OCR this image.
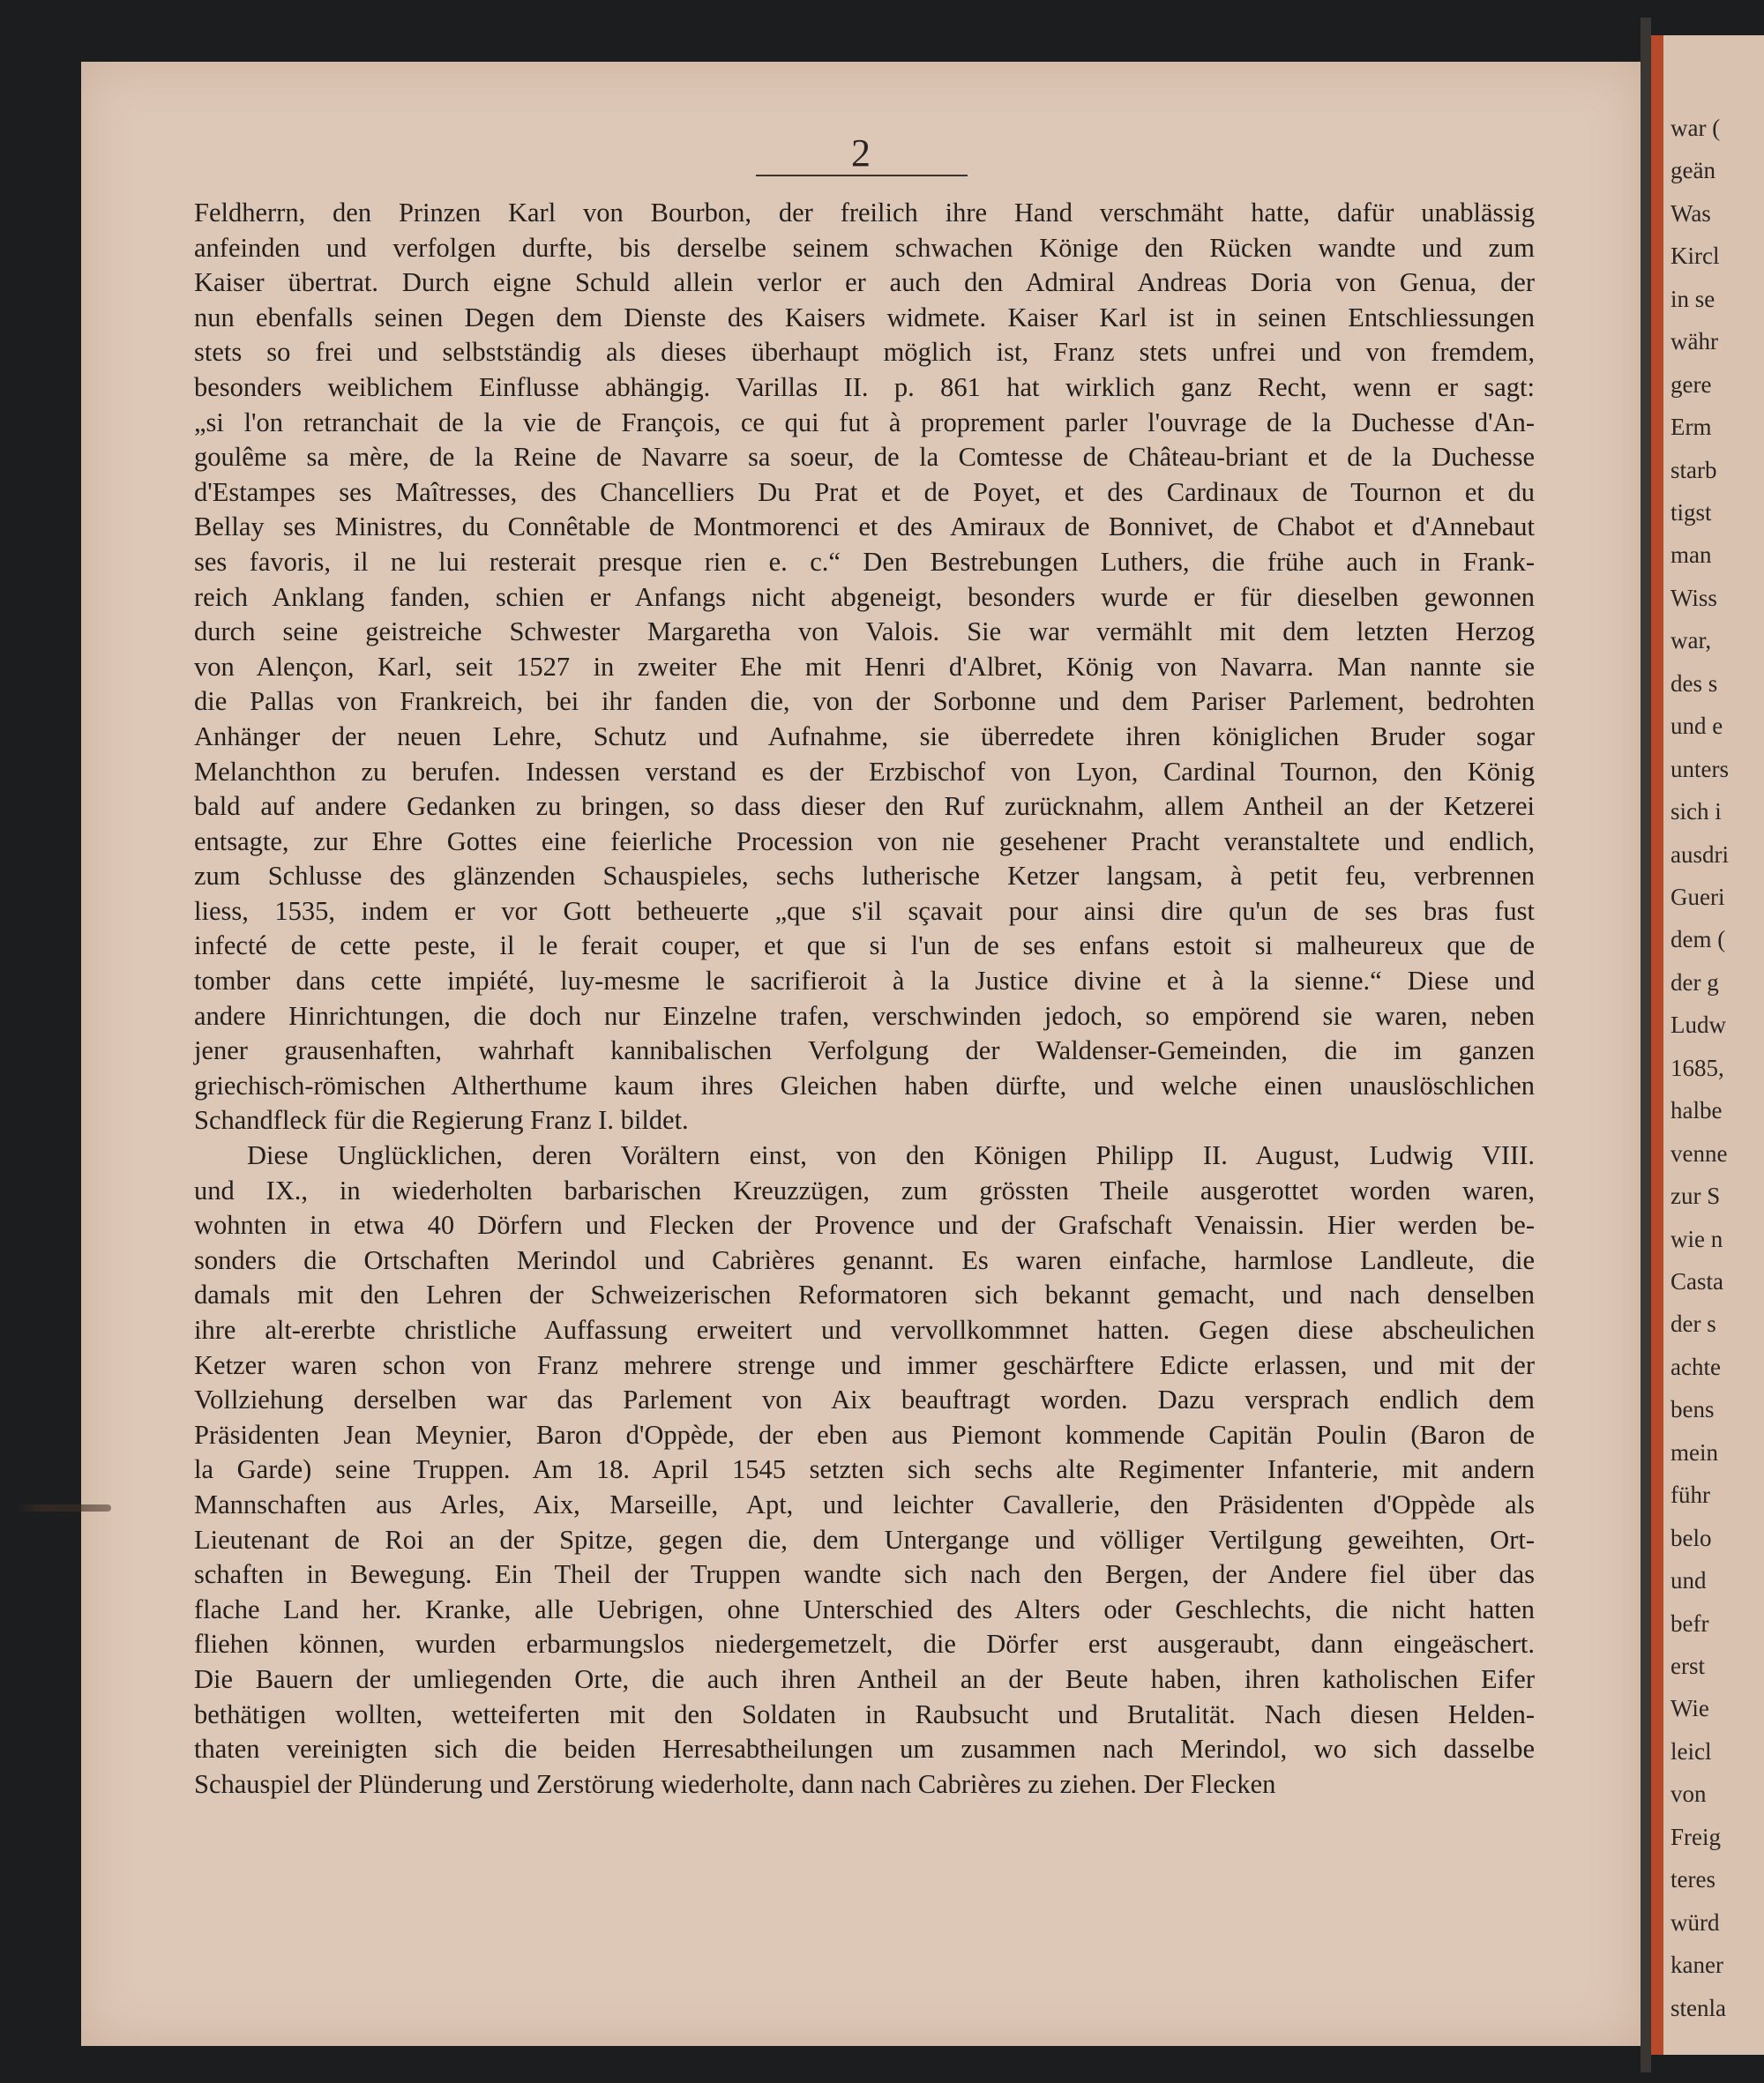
2
Feldherrn, den Prinzen Karl von Bourbon, der freilich ihre Hand verschmäht hatte, dafür unablässig
anfeinden und verfolgen durfte, bis derselbe seinem schwachen Könige den Rücken wandte und zum
Kaiser übertrat. Durch eigne Schuld allein verlor er auch den Admiral Andreas Doria von Genua, der
nun ebenfalls seinen Degen dem Dienste des Kaisers widmete. Kaiser Karl ist in seinen Entschliessungen
stets so frei und selbstständig als dieses überhaupt möglich ist, Franz stets unfrei und von fremdem,
besonders weiblichem Einflusse abhängig. Varillas II. p. 861 hat wirklich ganz Recht, wenn er sagt:
„si l'on retranchait de la vie de François, ce qui fut à proprement parler l'ouvrage de la Duchesse d'An-
goulême sa mère, de la Reine de Navarre sa soeur, de la Comtesse de Château-briant et de la Duchesse
d'Estampes ses Maîtresses, des Chancelliers Du Prat et de Poyet, et des Cardinaux de Tournon et du
Bellay ses Ministres, du Connêtable de Montmorenci et des Amiraux de Bonnivet, de Chabot et d'Annebaut
ses favoris, il ne lui resterait presque rien e. c.“ Den Bestrebungen Luthers, die frühe auch in Frank-
reich Anklang fanden, schien er Anfangs nicht abgeneigt, besonders wurde er für dieselben gewonnen
durch seine geistreiche Schwester Margaretha von Valois. Sie war vermählt mit dem letzten Herzog
von Alençon, Karl, seit 1527 in zweiter Ehe mit Henri d'Albret, König von Navarra. Man nannte sie
die Pallas von Frankreich, bei ihr fanden die, von der Sorbonne und dem Pariser Parlement, bedrohten
Anhänger der neuen Lehre, Schutz und Aufnahme, sie überredete ihren königlichen Bruder sogar
Melanchthon zu berufen. Indessen verstand es der Erzbischof von Lyon, Cardinal Tournon, den König
bald auf andere Gedanken zu bringen, so dass dieser den Ruf zurücknahm, allem Antheil an der Ketzerei
entsagte, zur Ehre Gottes eine feierliche Procession von nie gesehener Pracht veranstaltete und endlich,
zum Schlusse des glänzenden Schauspieles, sechs lutherische Ketzer langsam, à petit feu, verbrennen
liess, 1535, indem er vor Gott betheuerte „que s'il sçavait pour ainsi dire qu'un de ses bras fust
infecté de cette peste, il le ferait couper, et que si l'un de ses enfans estoit si malheureux que de
tomber dans cette impiété, luy-mesme le sacrifieroit à la Justice divine et à la sienne.“ Diese und
andere Hinrichtungen, die doch nur Einzelne trafen, verschwinden jedoch, so empörend sie waren, neben
jener grausenhaften, wahrhaft kannibalischen Verfolgung der Waldenser-Gemeinden, die im ganzen
griechisch-römischen Altherthume kaum ihres Gleichen haben dürfte, und welche einen unauslöschlichen
Schandfleck für die Regierung Franz I. bildet.
Diese Unglücklichen, deren Vorältern einst, von den Königen Philipp II. August, Ludwig VIII.
und IX., in wiederholten barbarischen Kreuzzügen, zum grössten Theile ausgerottet worden waren,
wohnten in etwa 40 Dörfern und Flecken der Provence und der Grafschaft Venaissin. Hier werden be-
sonders die Ortschaften Merindol und Cabrières genannt. Es waren einfache, harmlose Landleute, die
damals mit den Lehren der Schweizerischen Reformatoren sich bekannt gemacht, und nach denselben
ihre alt-ererbte christliche Auffassung erweitert und vervollkommnet hatten. Gegen diese abscheulichen
Ketzer waren schon von Franz mehrere strenge und immer geschärftere Edicte erlassen, und mit der
Vollziehung derselben war das Parlement von Aix beauftragt worden. Dazu versprach endlich dem
Präsidenten Jean Meynier, Baron d'Oppède, der eben aus Piemont kommende Capitän Poulin (Baron de
la Garde) seine Truppen. Am 18. April 1545 setzten sich sechs alte Regimenter Infanterie, mit andern
Mannschaften aus Arles, Aix, Marseille, Apt, und leichter Cavallerie, den Präsidenten d'Oppède als
Lieutenant de Roi an der Spitze, gegen die, dem Untergange und völliger Vertilgung geweihten, Ort-
schaften in Bewegung. Ein Theil der Truppen wandte sich nach den Bergen, der Andere fiel über das
flache Land her. Kranke, alle Uebrigen, ohne Unterschied des Alters oder Geschlechts, die nicht hatten
fliehen können, wurden erbarmungslos niedergemetzelt, die Dörfer erst ausgeraubt, dann eingeäschert.
Die Bauern der umliegenden Orte, die auch ihren Antheil an der Beute haben, ihren katholischen Eifer
bethätigen wollten, wetteiferten mit den Soldaten in Raubsucht und Brutalität. Nach diesen Helden-
thaten vereinigten sich die beiden Herresabtheilungen um zusammen nach Merindol, wo sich dasselbe
Schauspiel der Plünderung und Zerstörung wiederholte, dann nach Cabrières zu ziehen. Der Flecken
war (
geän
Was
Kircl
in se
währ
gere
Erm
starb
tigst
man
Wiss
war,
des s
und e
unters
sich i
ausdri
Gueri
dem (
der g
Ludw
1685,
halbe
venne
zur S
wie n
Casta
der s
achte
bens
mein
führ
belo
und
befr
erst
Wie
leicl
von
Freig
teres
würd
kaner
stenla
